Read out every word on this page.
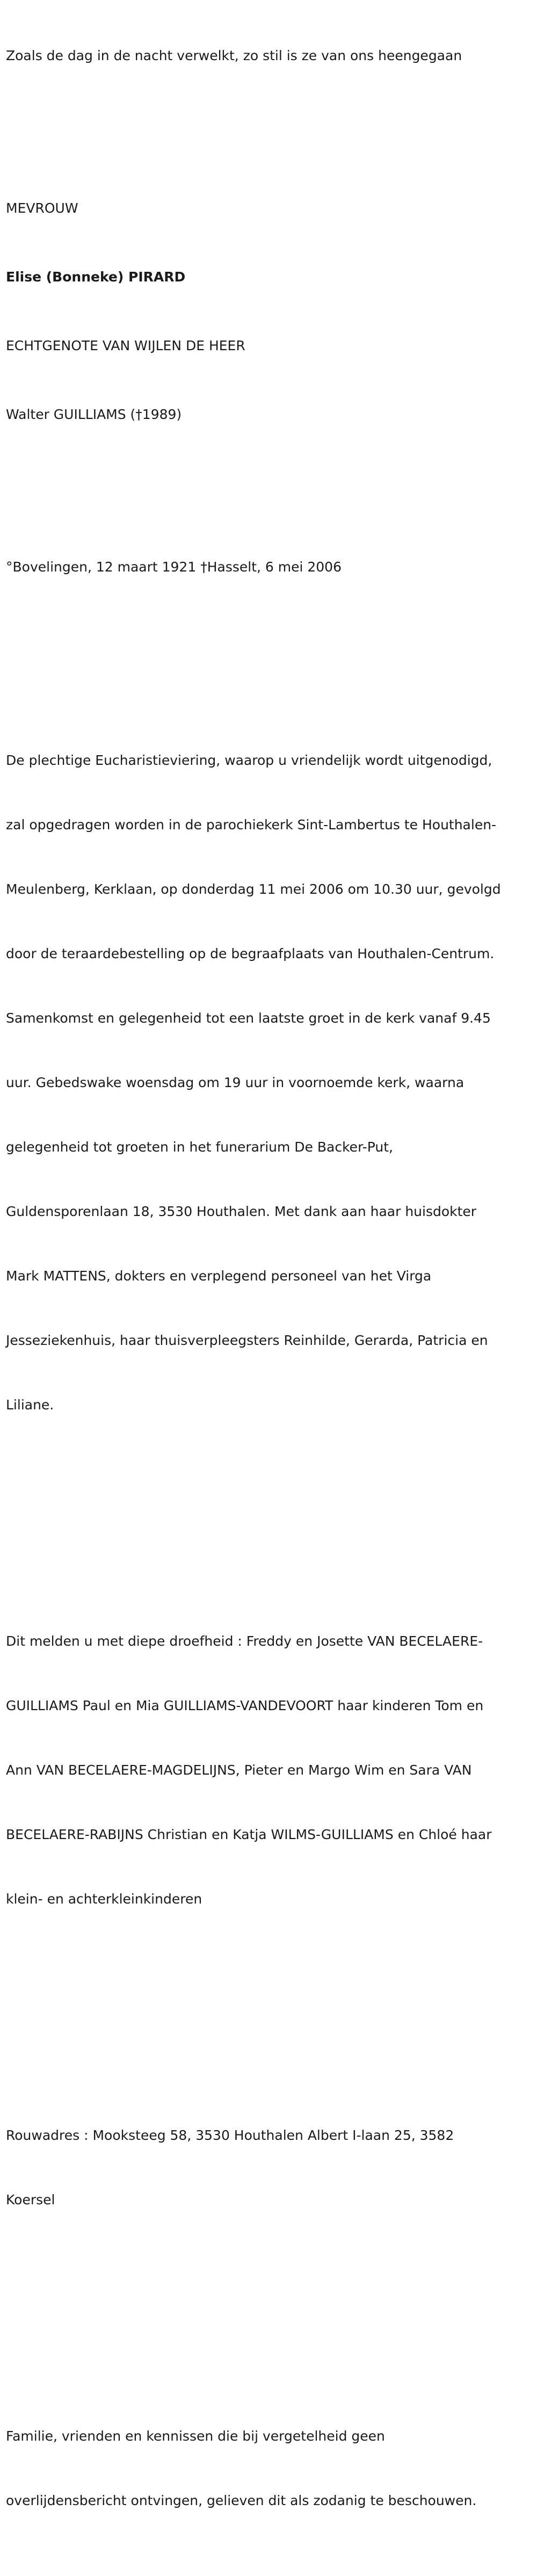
Zoals de dag in de nacht verwelkt, zo stil is ze van ons heengegaan

MEVROUW

Elise (Bonneke) PIRARD

ECHTGENOTE VAN WIJLEN DE HEER

Walter GUILLIAMS (†1989)

°Bovelingen, 12 maart 1921 †Hasselt, 6 mei 2006

De plechtige Eucharistieviering, waarop u vriendelijk wordt uitgenodigd,

zal opgedragen worden in de parochiekerk Sint-Lambertus te Houthalen-

Meulenberg, Kerklaan, op donderdag 11 mei 2006 om 10.30 uur, gevolgd

door de teraardebestelling op de begraafplaats van Houthalen-Centrum.

Samenkomst en gelegenheid tot een laatste groet in de kerk vanaf 9.45

uur. Gebedswake woensdag om 19 uur in voornoemde kerk, waarna

gelegenheid tot groeten in het funerarium De Backer-Put,

Guldensporenlaan 18, 3530 Houthalen. Met dank aan haar huisdokter

Mark MATTENS, dokters en verplegend personeel van het Virga

Jesseziekenhuis, haar thuisverpleegsters Reinhilde, Gerarda, Patricia en

Liliane.

Dit melden u met diepe droefheid : Freddy en Josette VAN BECELAERE-

GUILLIAMS Paul en Mia GUILLIAMS-VANDEVOORT haar kinderen Tom en

Ann VAN BECELAERE-MAGDELIJNS, Pieter en Margo Wim en Sara VAN

BECELAERE-RABIJNS Christian en Katja WILMS-GUILLIAMS en Chloé haar

klein- en achterkleinkinderen

Rouwadres : Mooksteeg 58, 3530 Houthalen Albert I-laan 25, 3582

Koersel

Familie, vrienden en kennissen die bij vergetelheid geen

overlijdensbericht ontvingen, gelieven dit als zodanig te beschouwen.
